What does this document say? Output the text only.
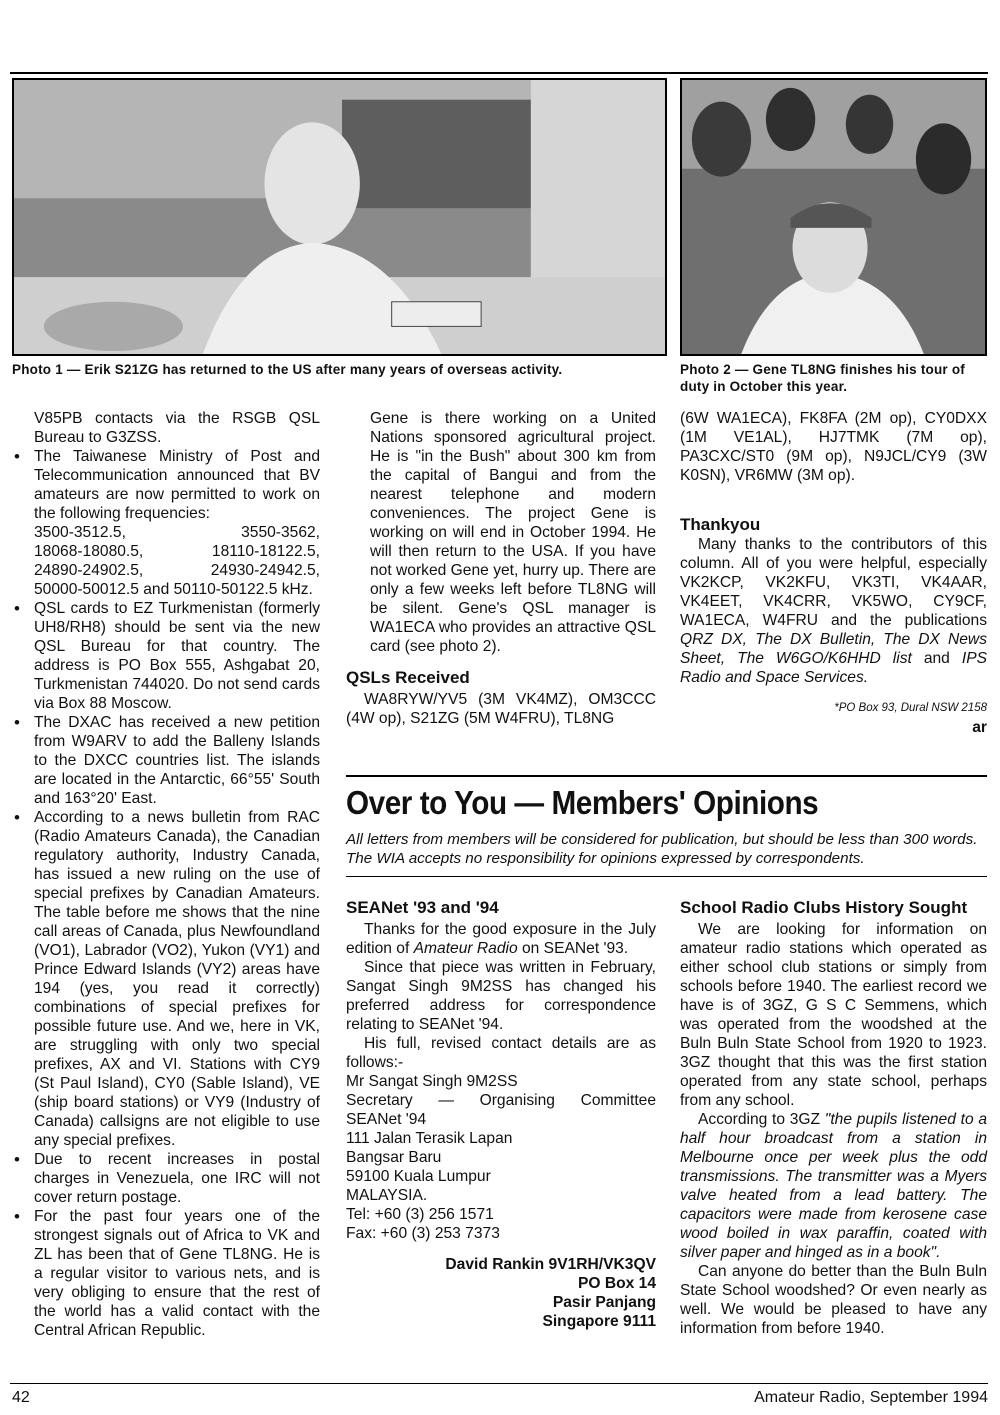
Photo 1 — Erik S21ZG has returned to the US after many years of overseas activity.	Photo 2 — Gene TL8NG finishes his tour of duty in October this year.

V85PB contacts via the RSGB QSL Bureau to G3ZSS.

• The Taiwanese Ministry of Post and Telecommunication announced that BV amateurs are now permitted to work on the following frequencies:
3500-3512.5,	3550-3562,
18068-18080.5,	18110-18122.5,
24890-24902.5,	24930-24942.5,
50000-50012.5 and 50110-50122.5 kHz.
• QSL cards to EZ Turkmenistan (formerly UH8/RH8) should be sent via the new QSL Bureau for that country. The address is PO Box 555, Ashgabat 20, Turkmenistan 744020. Do not send cards via Box 88 Moscow.
• The DXAC has received a new petition from W9ARV to add the Balleny Islands to the DXCC countries list. The islands are located in the Antarctic, 66°55' South and 163°20' East.
• According to a news bulletin from RAC (Radio Amateurs Canada), the Canadian regulatory authority, Industry Canada, has issued a new ruling on the use of special prefixes by Canadian Amateurs. The table before me shows that the nine call areas of Canada, plus Newfoundland (VO1), Labrador (VO2), Yukon (VY1) and Prince Edward Islands (VY2) areas have 194 (yes, you read it correctly) combinations of special prefixes for possible future use. And we, here in VK, are struggling with only two special prefixes, AX and VI. Stations with CY9 (St Paul Island), CY0 (Sable Island), VE (ship board stations) or VY9 (Industry of Canada) callsigns are not eligible to use any special prefixes.
• Due to recent increases in postal charges in Venezuela, one IRC will not cover return postage.
• For the past four years one of the strongest signals out of Africa to VK and ZL has been that of Gene TL8NG. He is a regular visitor to various nets, and is very obliging to ensure that the rest of the world has a valid contact with the Central African Republic.

Gene is there working on a United Nations sponsored agricultural project. He is "in the Bush" about 300 km from the capital of Bangui and from the nearest telephone and modern conveniences. The project Gene is working on will end in October 1994. He will then return to the USA. If you have not worked Gene yet, hurry up. There are only a few weeks left before TL8NG will be silent. Gene's QSL manager is WA1ECA who provides an attractive QSL card (see photo 2).

QSLs Received

WA8RYW/YV5 (3M VK4MZ), OM3CCC (4W op), S21ZG (5M W4FRU), TL8NG

(6W WA1ECA), FK8FA (2M op), CY0DXX (1M VE1AL), HJ7TMK (7M op), PA3CXC/ST0 (9M op), N9JCL/CY9 (3W K0SN), VR6MW (3M op).

Thankyou

Many thanks to the contributors of this column. All of you were helpful, especially VK2KCP, VK2KFU, VK3TI, VK4AAR, VK4EET, VK4CRR, VK5WO, CY9CF, WA1ECA, W4FRU and the publications QRZ DX, The DX Bulletin, The DX News Sheet, The W6GO/K6HHD list and IPS Radio and Space Services.

*PO Box 93, Dural NSW 2158
ar
Over to You — Members' Opinions
All letters from members will be considered for publication, but should be less than 300 words. The WIA accepts no responsibility for opinions expressed by correspondents.
SEANet '93 and '94

Thanks for the good exposure in the July edition of Amateur Radio on SEANet '93.

Since that piece was written in February, Sangat Singh 9M2SS has changed his preferred address for correspondence relating to SEANet '94.

His full, revised contact details are as follows:-

Mr Sangat Singh 9M2SS

Secretary — Organising Committee

SEANet '94

111 Jalan Terasik Lapan

Bangsar Baru

59100 Kuala Lumpur

MALAYSIA.

Tel: +60 (3) 256 1571

Fax: +60 (3) 253 7373

David Rankin 9V1RH/VK3QV
PO Box 14
Pasir Panjang
Singapore 9111
School Radio Clubs History Sought

We are looking for information on amateur radio stations which operated as either school club stations or simply from schools before 1940. The earliest record we have is of 3GZ, G S C Semmens, which was operated from the woodshed at the Buln Buln State School from 1920 to 1923. 3GZ thought that this was the first station operated from any state school, perhaps from any school.

According to 3GZ "the pupils listened to a half hour broadcast from a station in Melbourne once per week plus the odd transmissions. The transmitter was a Myers valve heated from a lead battery. The capacitors were made from kerosene case wood boiled in wax paraffin, coated with silver paper and hinged as in a book".

Can anyone do better than the Buln Buln State School woodshed? Or even nearly as well. We would be pleased to have any information from before 1940.

42	Amateur Radio, September 1994
